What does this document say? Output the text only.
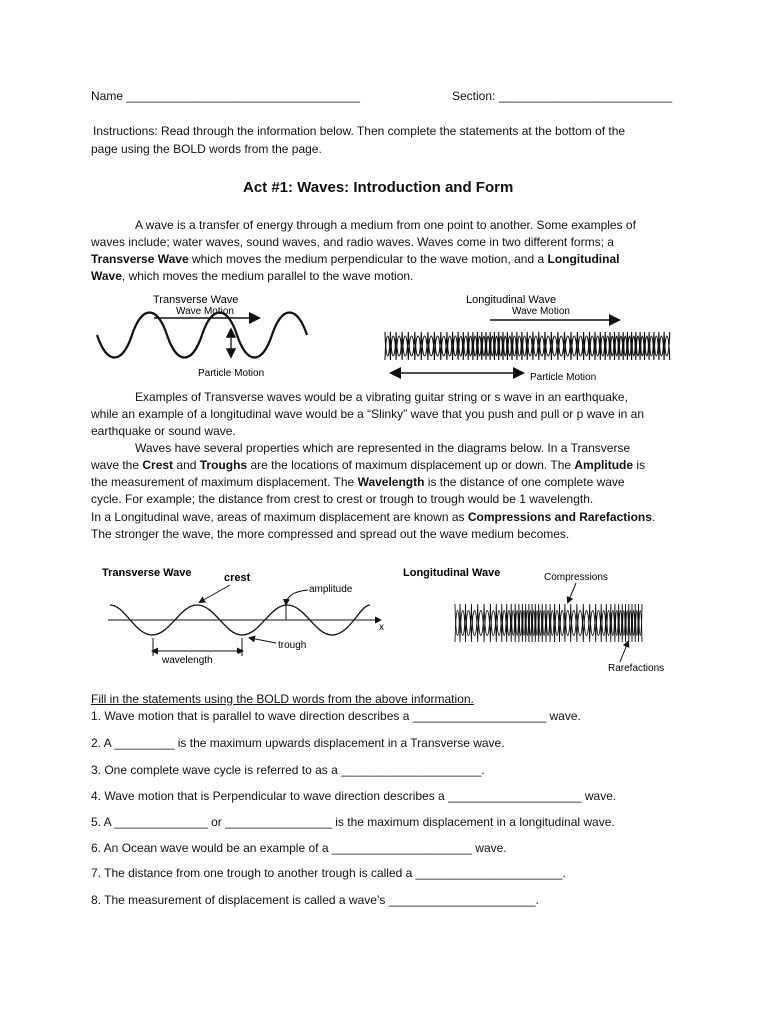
Name ___________________________________	Section: __________________________
Instructions: Read through the information below. Then complete the statements at the bottom of the
page using the BOLD words from the page.
Act #1: Waves: Introduction and Form
A wave is a transfer of energy through a medium from one point to another. Some examples of
waves include; water waves, sound waves, and radio waves. Waves come in two different forms; a
Transverse Wave which moves the medium perpendicular to the wave motion, and a Longitudinal
Wave, which moves the medium parallel to the wave motion.
Transverse Wave
Wave Motion
Particle Motion
Longitudinal Wave
Wave Motion
Particle Motion
Examples of Transverse waves would be a vibrating guitar string or s wave in an earthquake,
while an example of a longitudinal wave would be a “Slinky” wave that you push and pull or p wave in an
earthquake or sound wave.
Waves have several properties which are represented in the diagrams below. In a Transverse
wave the Crest and Troughs are the locations of maximum displacement up or down. The Amplitude is
the measurement of maximum displacement. The Wavelength is the distance of one complete wave
cycle. For example; the distance from crest to crest or trough to trough would be 1 wavelength.
In a Longitudinal wave, areas of maximum displacement are known as Compressions and Rarefactions.
The stronger the wave, the more compressed and spread out the wave medium becomes.
Transverse Wave	crest
amplitude
x
trough
wavelength
Longitudinal Wave	Compressions
Rarefactions
Fill in the statements using the BOLD words from the above information.
1. Wave motion that is parallel to wave direction describes a ____________________ wave.
2. A _________ is the maximum upwards displacement in a Transverse wave.
3. One complete wave cycle is referred to as a _____________________.
4. Wave motion that is Perpendicular to wave direction describes a ____________________ wave.
5. A ______________ or ________________ is the maximum displacement in a longitudinal wave.
6. An Ocean wave would be an example of a _____________________ wave.
7. The distance from one trough to another trough is called a ______________________.
8. The measurement of displacement is called a wave’s ______________________.
